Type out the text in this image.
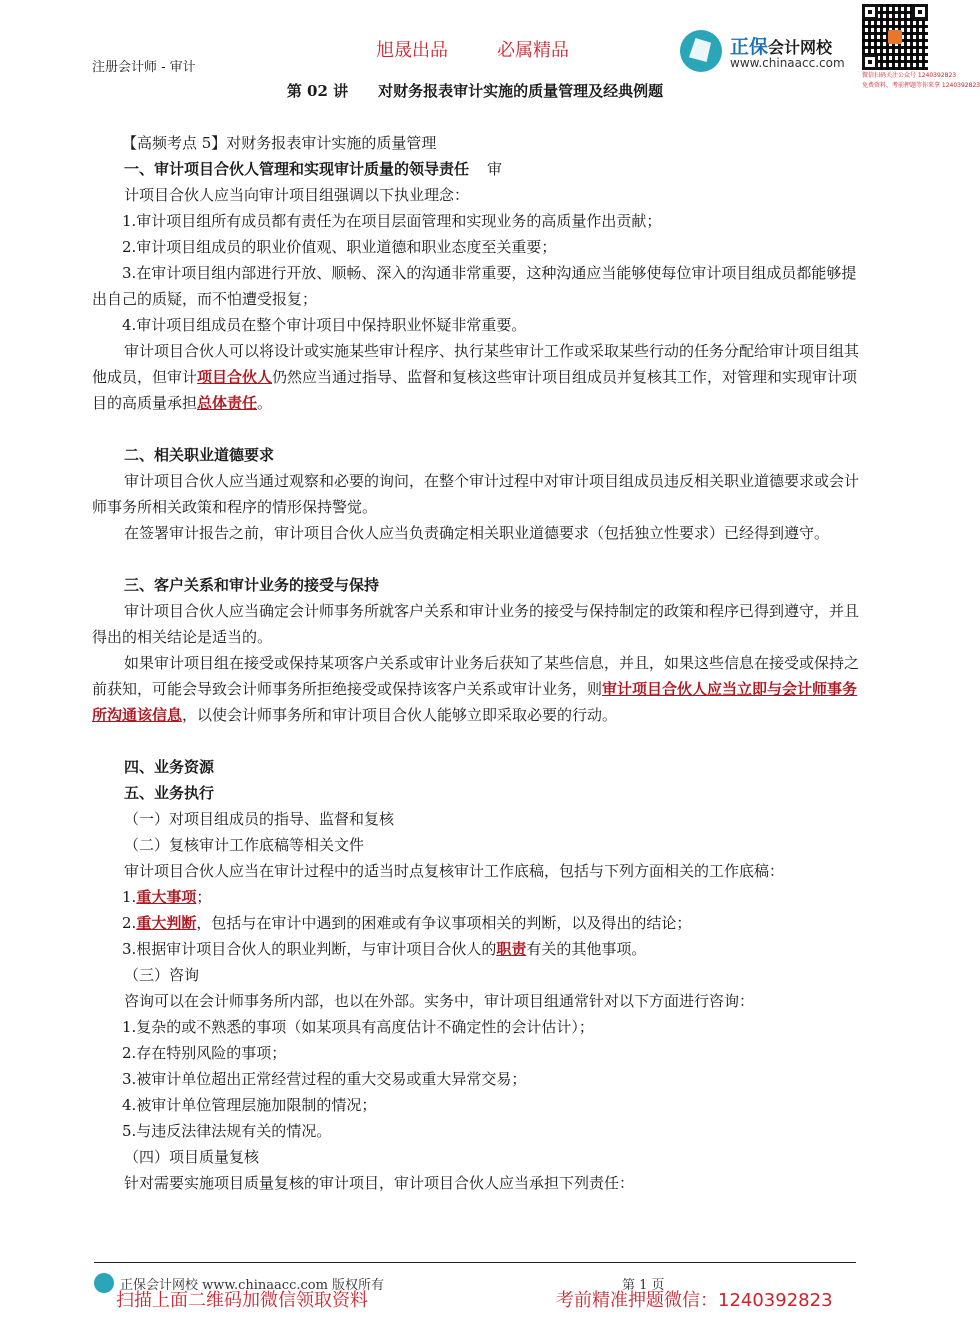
注册会计师 - 审计
旭晟出品	必属精品	正保会计网校
www.chinaacc.com
微信扫码关注公众号 1240392823
免费资料、考前押题等你来拿 1240392823
第 02 讲　　对财务报表审计实施的质量管理及经典例题

【高频考点 5】对财务报表审计实施的质量管理

一、审计项目合伙人管理和实现审计质量的领导责任 审

计项目合伙人应当向审计项目组强调以下执业理念：

1.审计项目组所有成员都有责任为在项目层面管理和实现业务的高质量作出贡献；

2.审计项目组成员的职业价值观、职业道德和职业态度至关重要；

3.在审计项目组内部进行开放、顺畅、深入的沟通非常重要，这种沟通应当能够使每位审计项目组成员都能够提出自己的质疑，而不怕遭受报复；

4.审计项目组成员在整个审计项目中保持职业怀疑非常重要。

审计项目合伙人可以将设计或实施某些审计程序、执行某些审计工作或采取某些行动的任务分配给审计项目组其他成员，但审计项目合伙人仍然应当通过指导、监督和复核这些审计项目组成员并复核其工作，对管理和实现审计项目的高质量承担总体责任。

二、相关职业道德要求

审计项目合伙人应当通过观察和必要的询问，在整个审计过程中对审计项目组成员违反相关职业道德要求或会计师事务所相关政策和程序的情形保持警觉。

在签署审计报告之前，审计项目合伙人应当负责确定相关职业道德要求（包括独立性要求）已经得到遵守。

三、客户关系和审计业务的接受与保持

审计项目合伙人应当确定会计师事务所就客户关系和审计业务的接受与保持制定的政策和程序已得到遵守，并且得出的相关结论是适当的。

如果审计项目组在接受或保持某项客户关系或审计业务后获知了某些信息，并且，如果这些信息在接受或保持之前获知，可能会导致会计师事务所拒绝接受或保持该客户关系或审计业务，则审计项目合伙人应当立即与会计师事务所沟通该信息，以使会计师事务所和审计项目合伙人能够立即采取必要的行动。

四、业务资源

五、业务执行

（一）对项目组成员的指导、监督和复核

（二）复核审计工作底稿等相关文件

审计项目合伙人应当在审计过程中的适当时点复核审计工作底稿，包括与下列方面相关的工作底稿：

1.重大事项；

2.重大判断，包括与在审计中遇到的困难或有争议事项相关的判断，以及得出的结论；

3.根据审计项目合伙人的职业判断，与审计项目合伙人的职责有关的其他事项。

（三）咨询

咨询可以在会计师事务所内部，也以在外部。实务中，审计项目组通常针对以下方面进行咨询：

1.复杂的或不熟悉的事项（如某项具有高度估计不确定性的会计估计）；

2.存在特别风险的事项；

3.被审计单位超出正常经营过程的重大交易或重大异常交易；

4.被审计单位管理层施加限制的情况；

5.与违反法律法规有关的情况。

（四）项目质量复核

针对需要实施项目质量复核的审计项目，审计项目合伙人应当承担下列责任：

正保会计网校 www.chinaacc.com 版权所有	第 1 页
扫描上面二维码加微信领取资料	考前精准押题微信：1240392823
